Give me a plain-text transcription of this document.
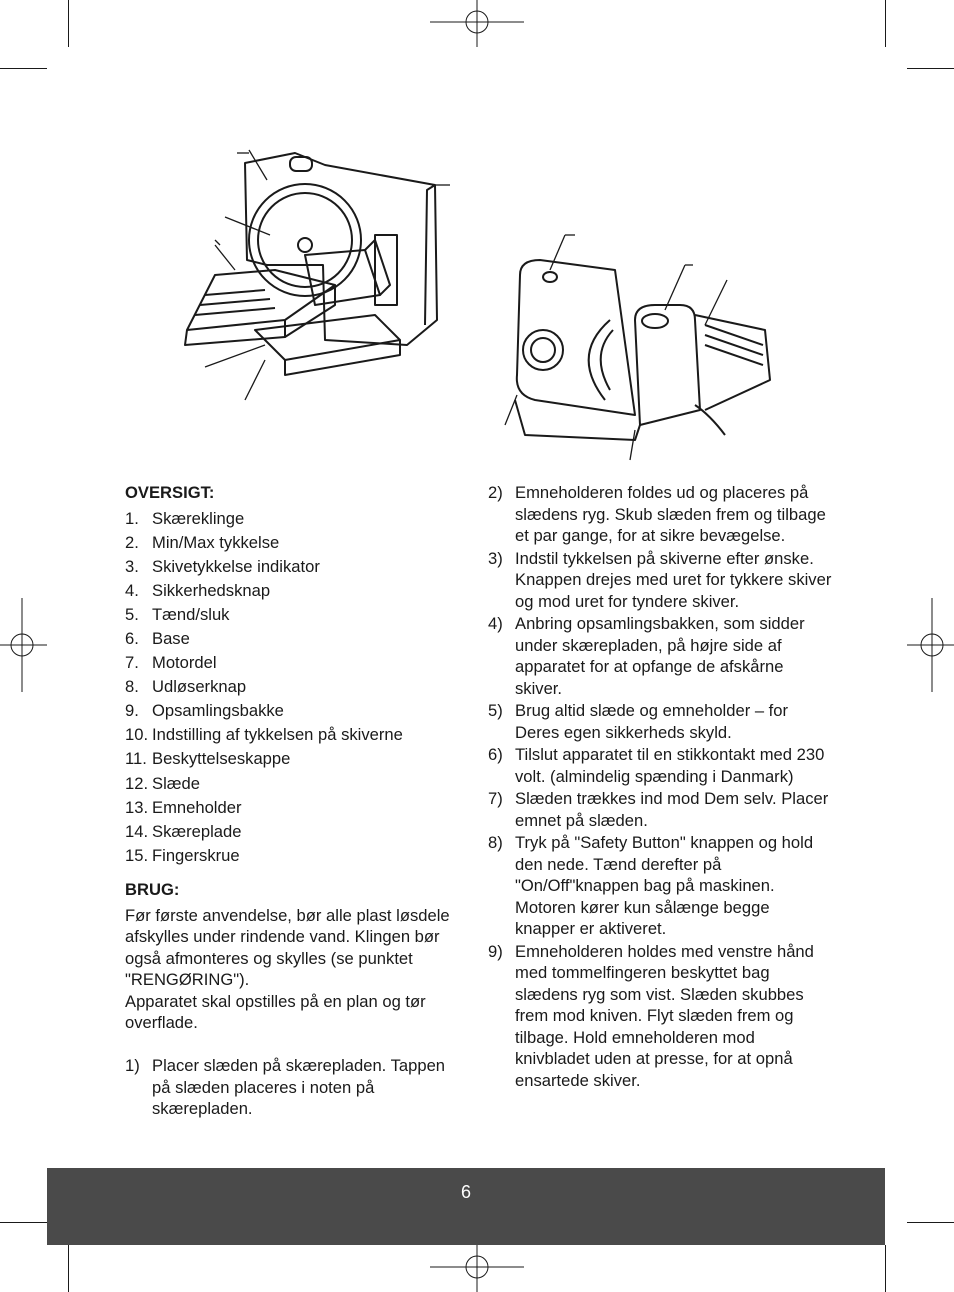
OVERSIGT:

1. Skæreklinge
2. Min/Max tykkelse
3. Skivetykkelse indikator
4. Sikkerhedsknap
5. Tænd/sluk
6. Base
7. Motordel
8. Udløserknap
9. Opsamlingsbakke
10. Indstilling af tykkelsen på skiverne
11. Beskyttelseskappe
12. Slæde
13. Emneholder
14. Skæreplade
15. Fingerskrue

BRUG:

Før første anvendelse, bør alle plast løsdele afskylles under rindende vand. Klingen bør også afmonteres og skylles (se punktet "RENGØRING").

Apparatet skal opstilles på en plan og tør overflade.

1) Placer slæden på skærepladen. Tappen på slæden placeres i noten på skærepladen.
2) Emneholderen foldes ud og placeres på slædens ryg. Skub slæden frem og tilbage et par gange, for at sikre bevægelse.
3) Indstil tykkelsen på skiverne efter ønske. Knappen drejes med uret for tykkere skiver og mod uret for tyndere skiver.
4) Anbring opsamlingsbakken, som sidder under skærepladen, på højre side af apparatet for at opfange de afskårne skiver.
5) Brug altid slæde og emneholder – for Deres egen sikkerheds skyld.
6) Tilslut apparatet til en stikkontakt med 230 volt. (almindelig spænding i Danmark)
7) Slæden trækkes ind mod Dem selv. Placer emnet på slæden.
8) Tryk på "Safety Button" knappen og hold den nede. Tænd derefter på "On/Off"knappen bag på maskinen. Motoren kører kun sålænge begge knapper er aktiveret.
9) Emneholderen holdes med venstre hånd med tommelfingeren beskyttet bag slædens ryg som vist. Slæden skubbes frem mod kniven. Flyt slæden frem og tilbage. Hold emneholderen mod knivbladet uden at presse, for at opnå ensartede skiver.
6
